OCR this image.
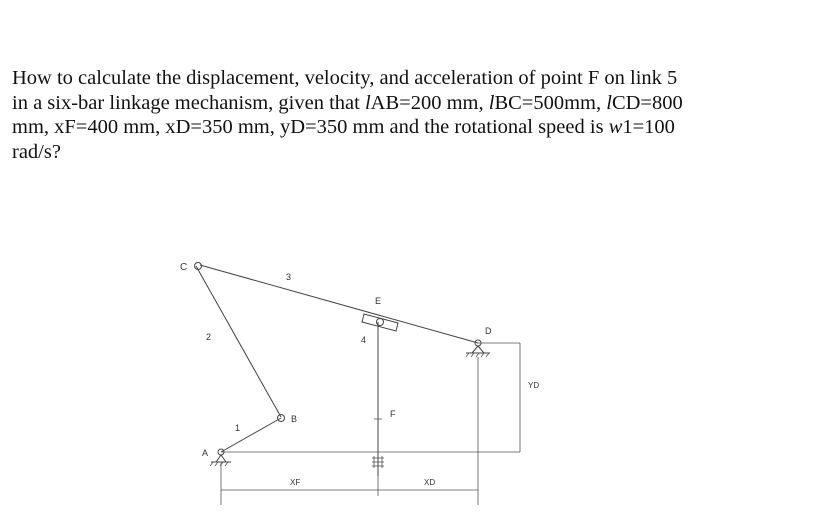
How to calculate the displacement, velocity, and acceleration of point F on link 5
in a six-bar linkage mechanism, given that lAB=200 mm, lBC=500mm, lCD=800
mm, xF=400 mm, xD=350 mm, yD=350 mm and the rotational speed is w1=100
rad/s?

C
3
E
2	4
D
YD
B	F
1
A
XF	XD
